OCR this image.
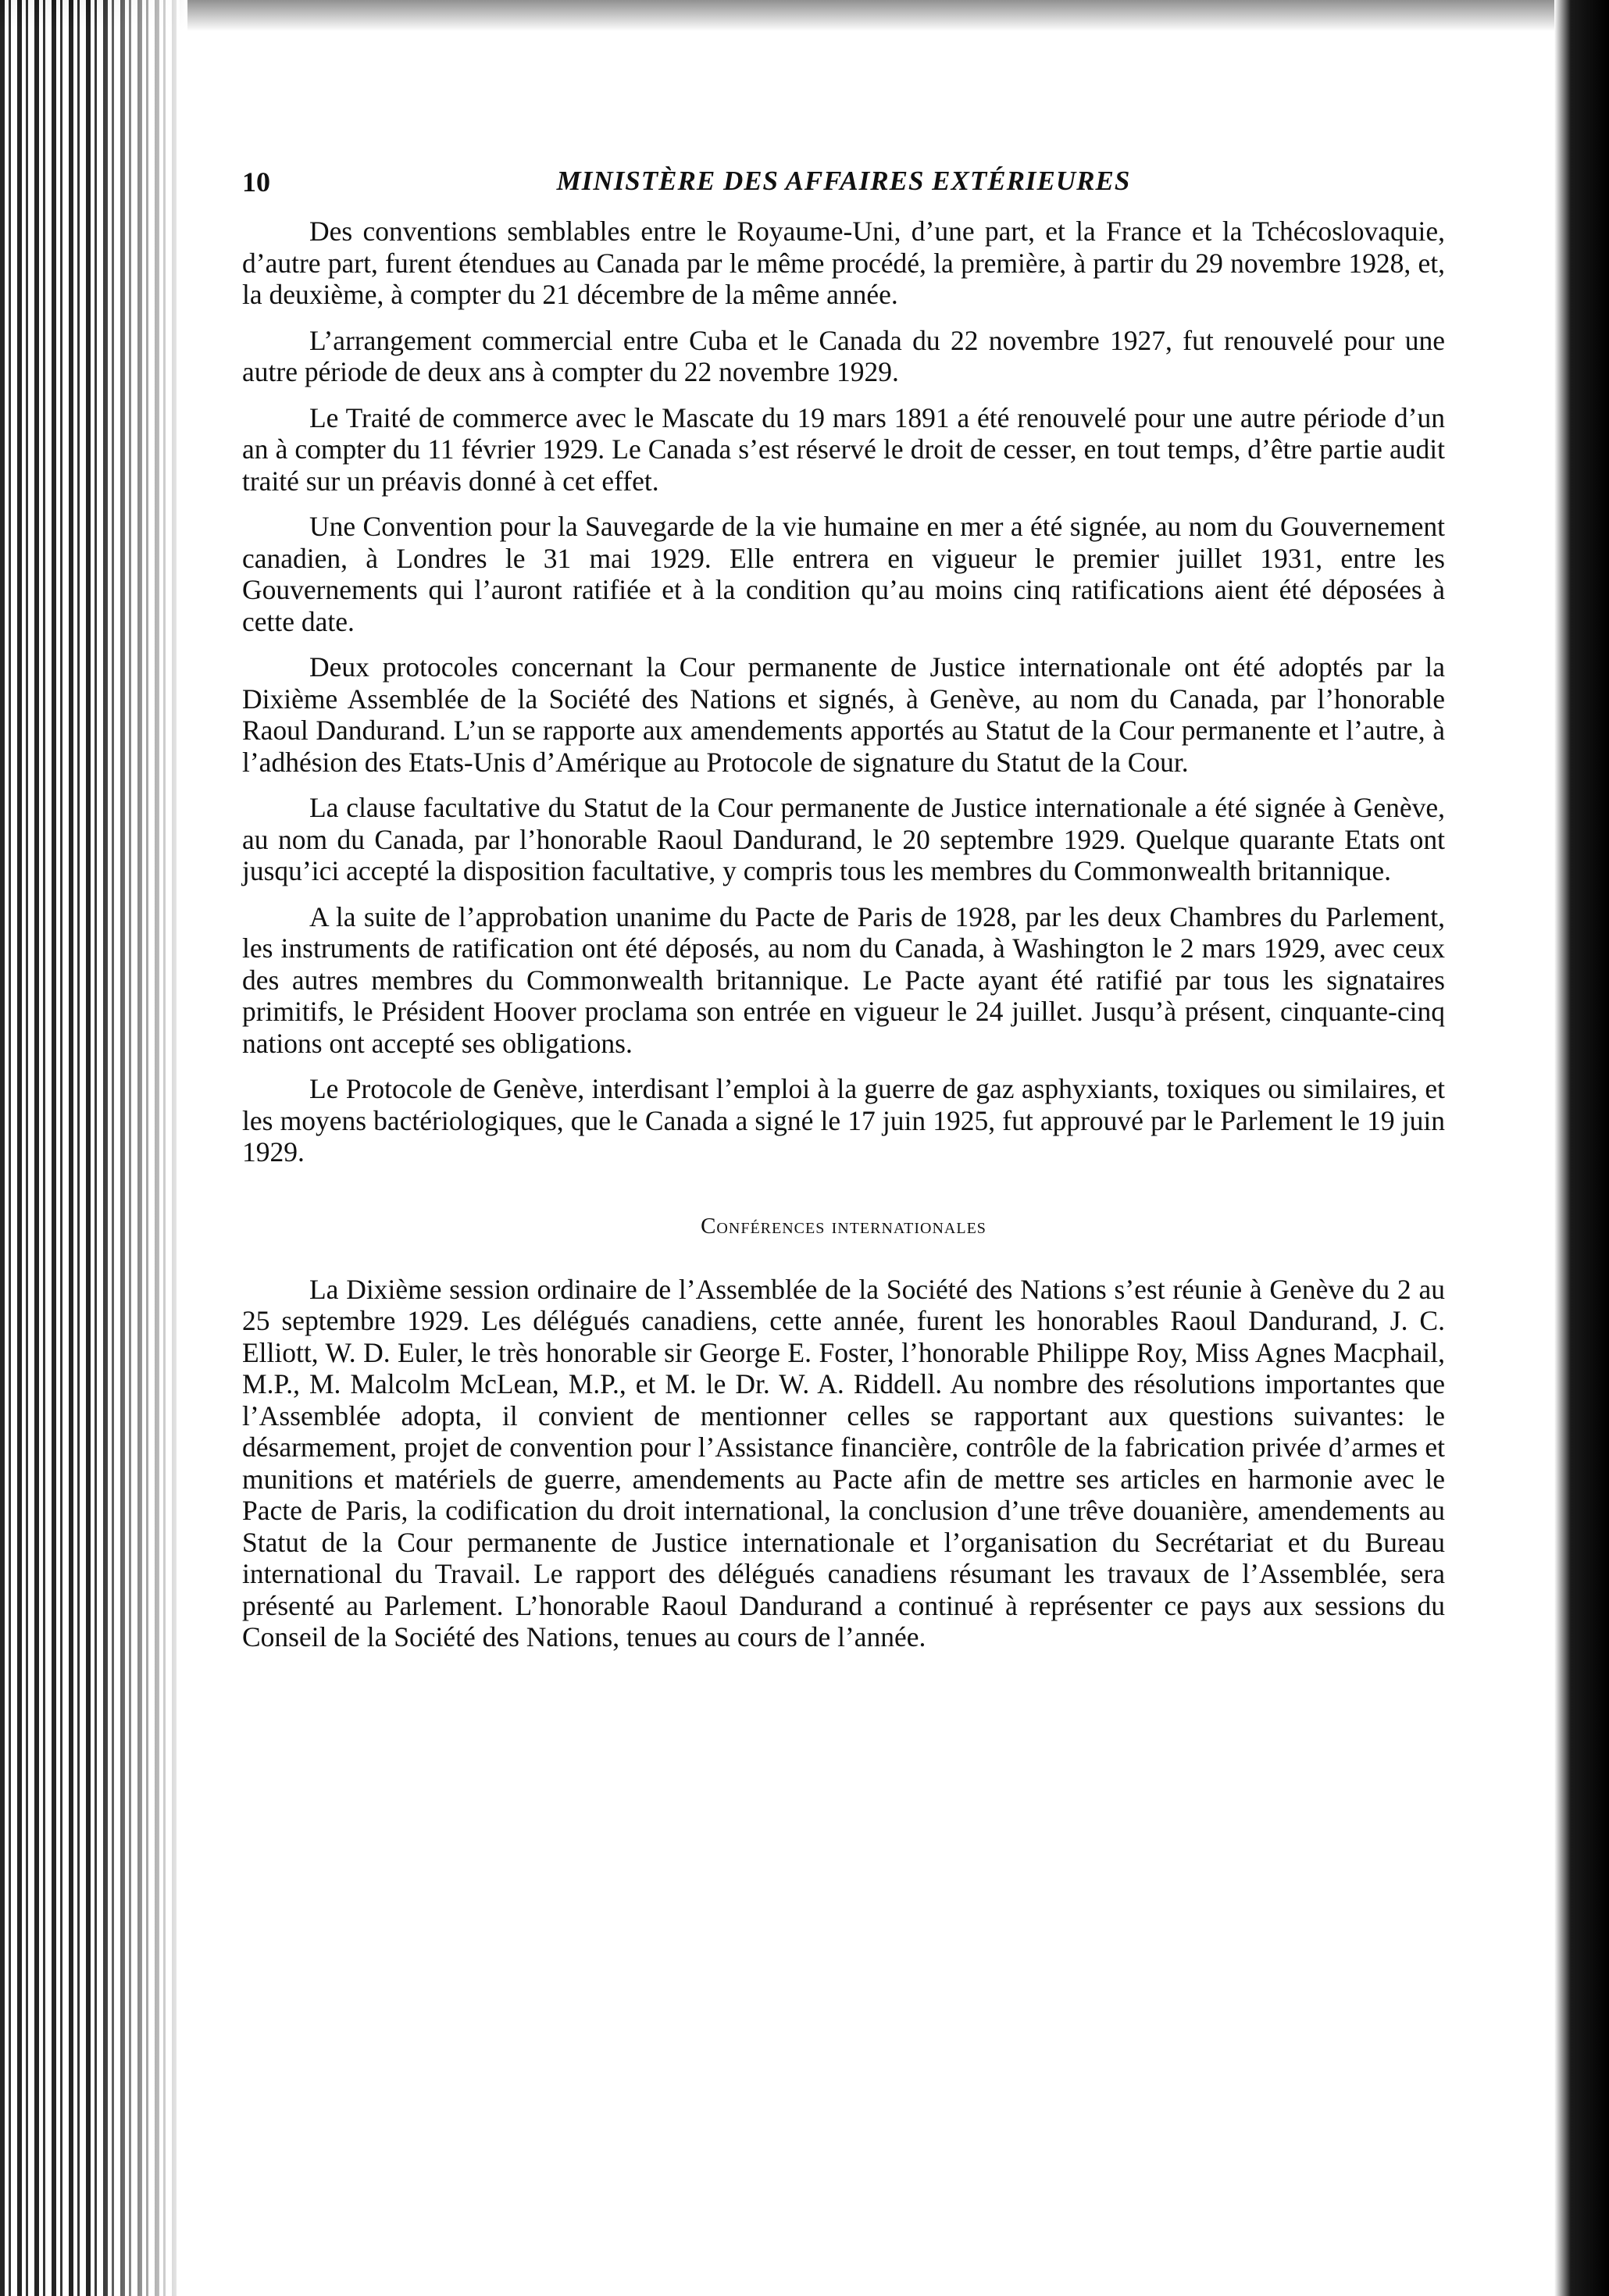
10	MINISTÈRE DES AFFAIRES EXTÉRIEURES

Des conventions semblables entre le Royaume-Uni, d’une part, et la France et la Tchécoslovaquie, d’autre part, furent étendues au Canada par le même procédé, la première, à partir du 29 novembre 1928, et, la deuxième, à compter du 21 décembre de la même année.

L’arrangement commercial entre Cuba et le Canada du 22 novembre 1927, fut renouvelé pour une autre période de deux ans à compter du 22 novembre 1929.

Le Traité de commerce avec le Mascate du 19 mars 1891 a été renouvelé pour une autre période d’un an à compter du 11 février 1929. Le Canada s’est réservé le droit de cesser, en tout temps, d’être partie audit traité sur un préavis donné à cet effet.

Une Convention pour la Sauvegarde de la vie humaine en mer a été signée, au nom du Gouvernement canadien, à Londres le 31 mai 1929. Elle entrera en vigueur le premier juillet 1931, entre les Gouvernements qui l’auront ratifiée et à la condition qu’au moins cinq ratifications aient été déposées à cette date.

Deux protocoles concernant la Cour permanente de Justice internationale ont été adoptés par la Dixième Assemblée de la Société des Nations et signés, à Genève, au nom du Canada, par l’honorable Raoul Dandurand. L’un se rapporte aux amendements apportés au Statut de la Cour permanente et l’autre, à l’adhésion des Etats-Unis d’Amérique au Protocole de signature du Statut de la Cour.

La clause facultative du Statut de la Cour permanente de Justice internationale a été signée à Genève, au nom du Canada, par l’honorable Raoul Dandurand, le 20 septembre 1929. Quelque quarante Etats ont jusqu’ici accepté la disposition facultative, y compris tous les membres du Commonwealth britannique.

A la suite de l’approbation unanime du Pacte de Paris de 1928, par les deux Chambres du Parlement, les instruments de ratification ont été déposés, au nom du Canada, à Washington le 2 mars 1929, avec ceux des autres membres du Commonwealth britannique. Le Pacte ayant été ratifié par tous les signataires primitifs, le Président Hoover proclama son entrée en vigueur le 24 juillet. Jusqu’à présent, cinquante-cinq nations ont accepté ses obligations.

Le Protocole de Genève, interdisant l’emploi à la guerre de gaz asphyxiants, toxiques ou similaires, et les moyens bactériologiques, que le Canada a signé le 17 juin 1925, fut approuvé par le Parlement le 19 juin 1929.

Conférences internationales

La Dixième session ordinaire de l’Assemblée de la Société des Nations s’est réunie à Genève du 2 au 25 septembre 1929. Les délégués canadiens, cette année, furent les honorables Raoul Dandurand, J. C. Elliott, W. D. Euler, le très honorable sir George E. Foster, l’honorable Philippe Roy, Miss Agnes Macphail, M.P., M. Malcolm McLean, M.P., et M. le Dr. W. A. Riddell. Au nombre des résolutions importantes que l’Assemblée adopta, il convient de mentionner celles se rapportant aux questions suivantes: le désarmement, projet de convention pour l’Assistance financière, contrôle de la fabrication privée d’armes et munitions et matériels de guerre, amendements au Pacte afin de mettre ses articles en harmonie avec le Pacte de Paris, la codification du droit international, la conclusion d’une trêve douanière, amendements au Statut de la Cour permanente de Justice internationale et l’organisation du Secrétariat et du Bureau international du Travail. Le rapport des délégués canadiens résumant les travaux de l’Assemblée, sera présenté au Parlement. L’honorable Raoul Dandurand a continué à représenter ce pays aux sessions du Conseil de la Société des Nations, tenues au cours de l’année.
